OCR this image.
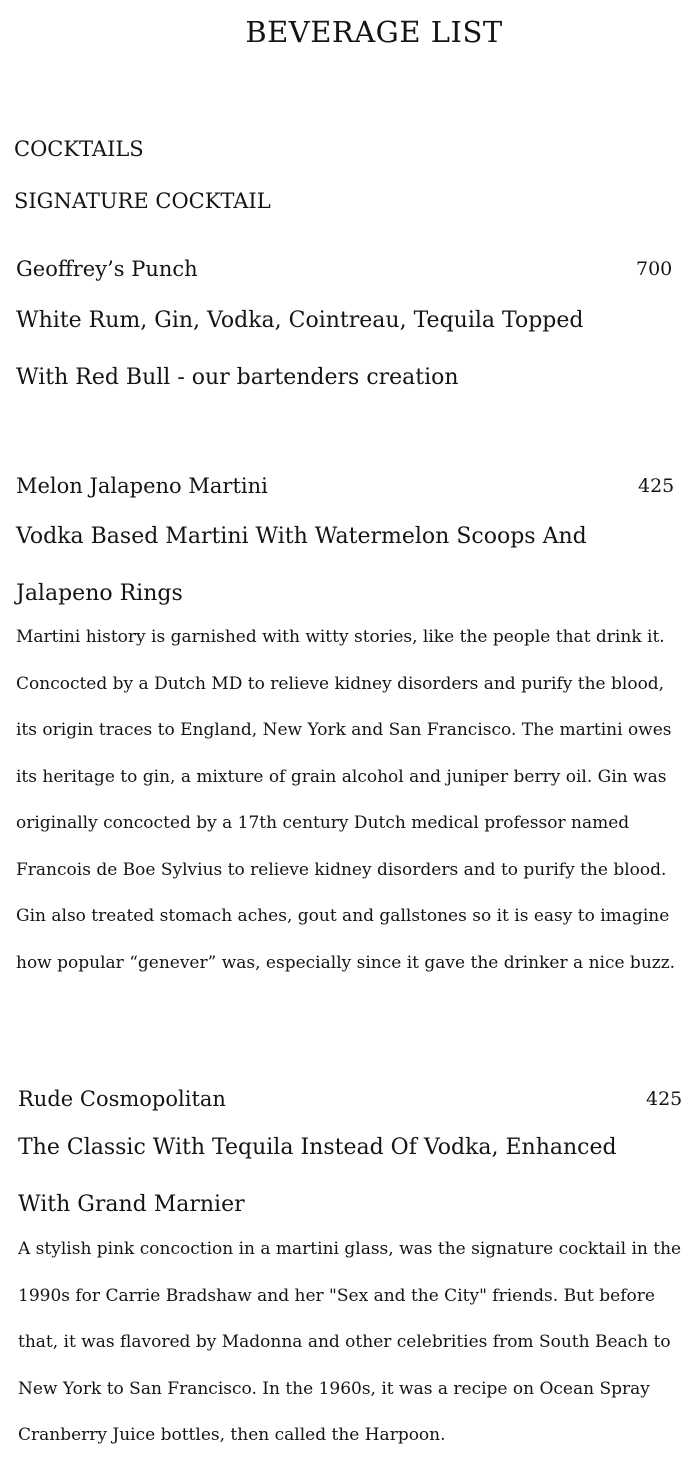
BEVERAGE LIST
COCKTAILS
SIGNATURE COCKTAIL
Geoffrey’s Punch	700
White Rum, Gin, Vodka, Cointreau, Tequila Topped With Red Bull - our bartenders creation
Melon Jalapeno Martini	425
Vodka Based Martini With Watermelon Scoops And Jalapeno Rings
Martini history is garnished with witty stories, like the people that drink it. Concocted by a Dutch MD to relieve kidney disorders and purify the blood, its origin traces to England, New York and San Francisco. The martini owes its heritage to gin, a mixture of grain alcohol and juniper berry oil. Gin was originally concocted by a 17th century Dutch medical professor named Francois de Boe Sylvius to relieve kidney disorders and to purify the blood. Gin also treated stomach aches, gout and gallstones so it is easy to imagine how popular “genever” was, especially since it gave the drinker a nice buzz.
Rude Cosmopolitan	425
The Classic With Tequila Instead Of Vodka, Enhanced With Grand Marnier
A stylish pink concoction in a martini glass, was the signature cocktail in the 1990s for Carrie Bradshaw and her "Sex and the City" friends. But before that, it was flavored by Madonna and other celebrities from South Beach to New York to San Francisco. In the 1960s, it was a recipe on Ocean Spray Cranberry Juice bottles, then called the Harpoon.
